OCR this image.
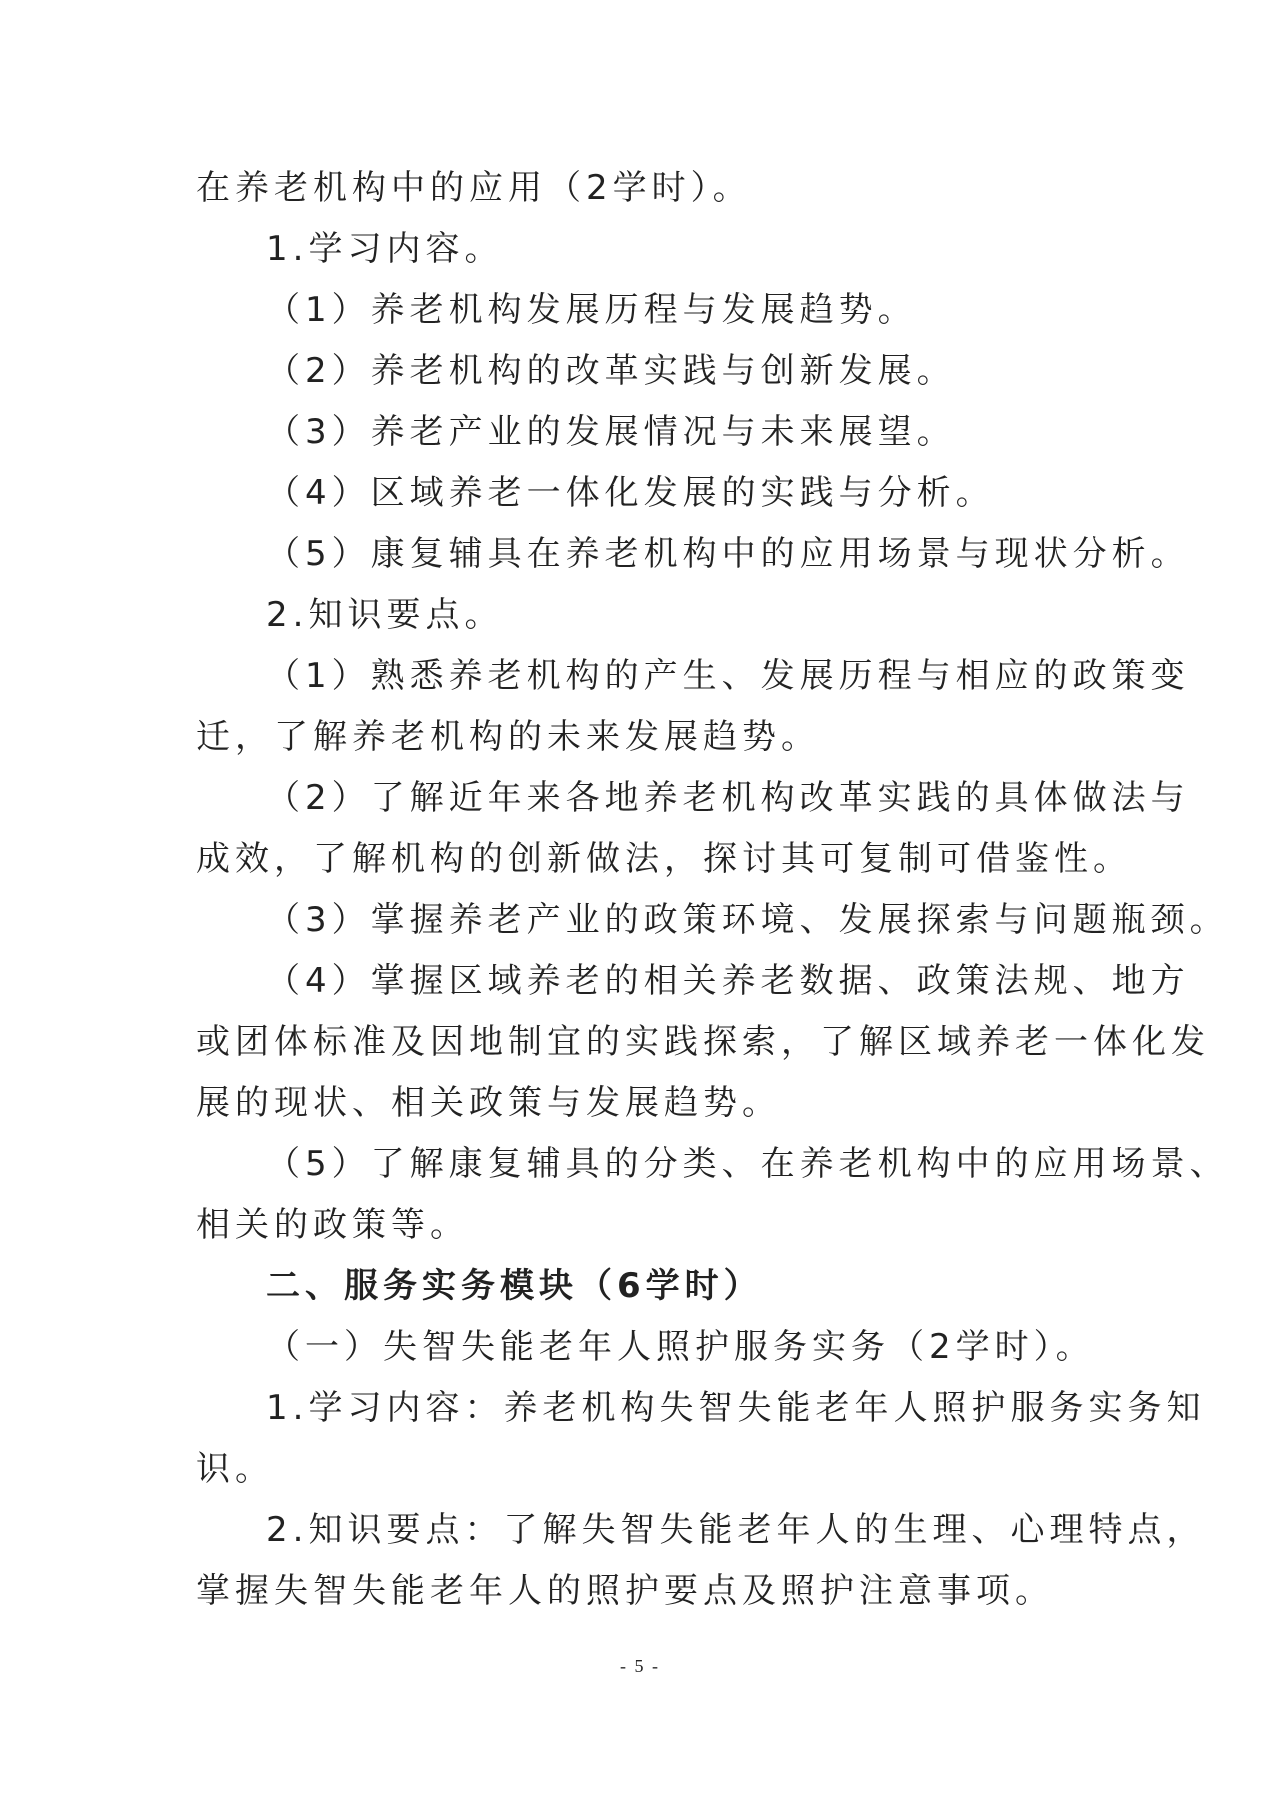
在养老机构中的应用（2学时）。
1.学习内容。
（1）养老机构发展历程与发展趋势。
（2）养老机构的改革实践与创新发展。
（3）养老产业的发展情况与未来展望。
（4）区域养老一体化发展的实践与分析。
（5）康复辅具在养老机构中的应用场景与现状分析。
2.知识要点。
（1）熟悉养老机构的产生、发展历程与相应的政策变
迁，了解养老机构的未来发展趋势。
（2）了解近年来各地养老机构改革实践的具体做法与
成效，了解机构的创新做法，探讨其可复制可借鉴性。
（3）掌握养老产业的政策环境、发展探索与问题瓶颈。
（4）掌握区域养老的相关养老数据、政策法规、地方
或团体标准及因地制宜的实践探索，了解区域养老一体化发
展的现状、相关政策与发展趋势。
（5）了解康复辅具的分类、在养老机构中的应用场景、
相关的政策等。
二、服务实务模块（6学时）
（一）失智失能老年人照护服务实务（2学时）。
1.学习内容：养老机构失智失能老年人照护服务实务知
识。
2.知识要点：了解失智失能老年人的生理、心理特点，
掌握失智失能老年人的照护要点及照护注意事项。
- 5 -
